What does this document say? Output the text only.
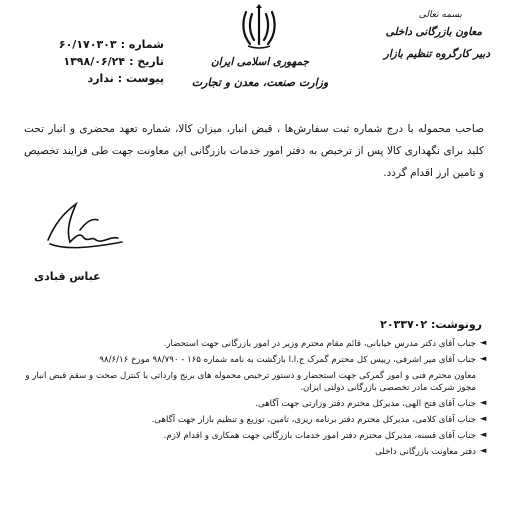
بسمه تعالی
معاون بازرگانی داخلی
دبیر کارگروه تنظیم بازار
جمهوری اسلامی ایران
وزارت صنعت، معدن و تجارت
۶۰/۱۷۰۳۰۳ شماره :
۱۳۹۸/۰۶/۲۴ تاریخ :
ندارد پیوست :
صاحب محموله با درج شماره ثبت سفارش‌ها ، قبض انبار، میزان کالا، شماره تعهد محضری و انبار تحت کلید برای نگهداری کالا پس از ترخیص به دفتر امور خدمات بازرگانی این معاونت جهت طی فرایند تخصیص و تامین ارز اقدام گردد.
عباس قبادی
رونوشت: ۲۰۳۳۷۰۲
◄
جناب آقای دکتر مدرس خیابانی، قائم مقام محترم وزیر در امور بازرگانی جهت استحضار.
◄
جناب آقای میر اشرفی، رییس کل محترم گمرک ج.ا.ا بازگشت به نامه شماره ۱۶۵ - ۹۸/۷۹۰ مورخ ۹۸/۶/۱۶
معاون محترم فنی و امور گمرکی جهت استحضار و دستور ترخیص محموله های برنج وارداتی با کنترل صحت و سقم قبض انبار و مجوز شرکت مادر تخصصی بازرگانی دولتی ایران.
◄
جناب آقای فتح الهی، مدیرکل محترم دفتر وزارتی جهت آگاهی.
◄
جناب آقای کلامی، مدیرکل محترم دفتر برنامه ریزی، تامین، توزیع و تنظیم بازار جهت آگاهی.
◄
جناب آقای قسنه، مدیرکل محترم دفتر امور خدمات بازرگانی جهت همکاری و اقدام لازم.
◄
دفتر معاونت بازرگانی داخلی
